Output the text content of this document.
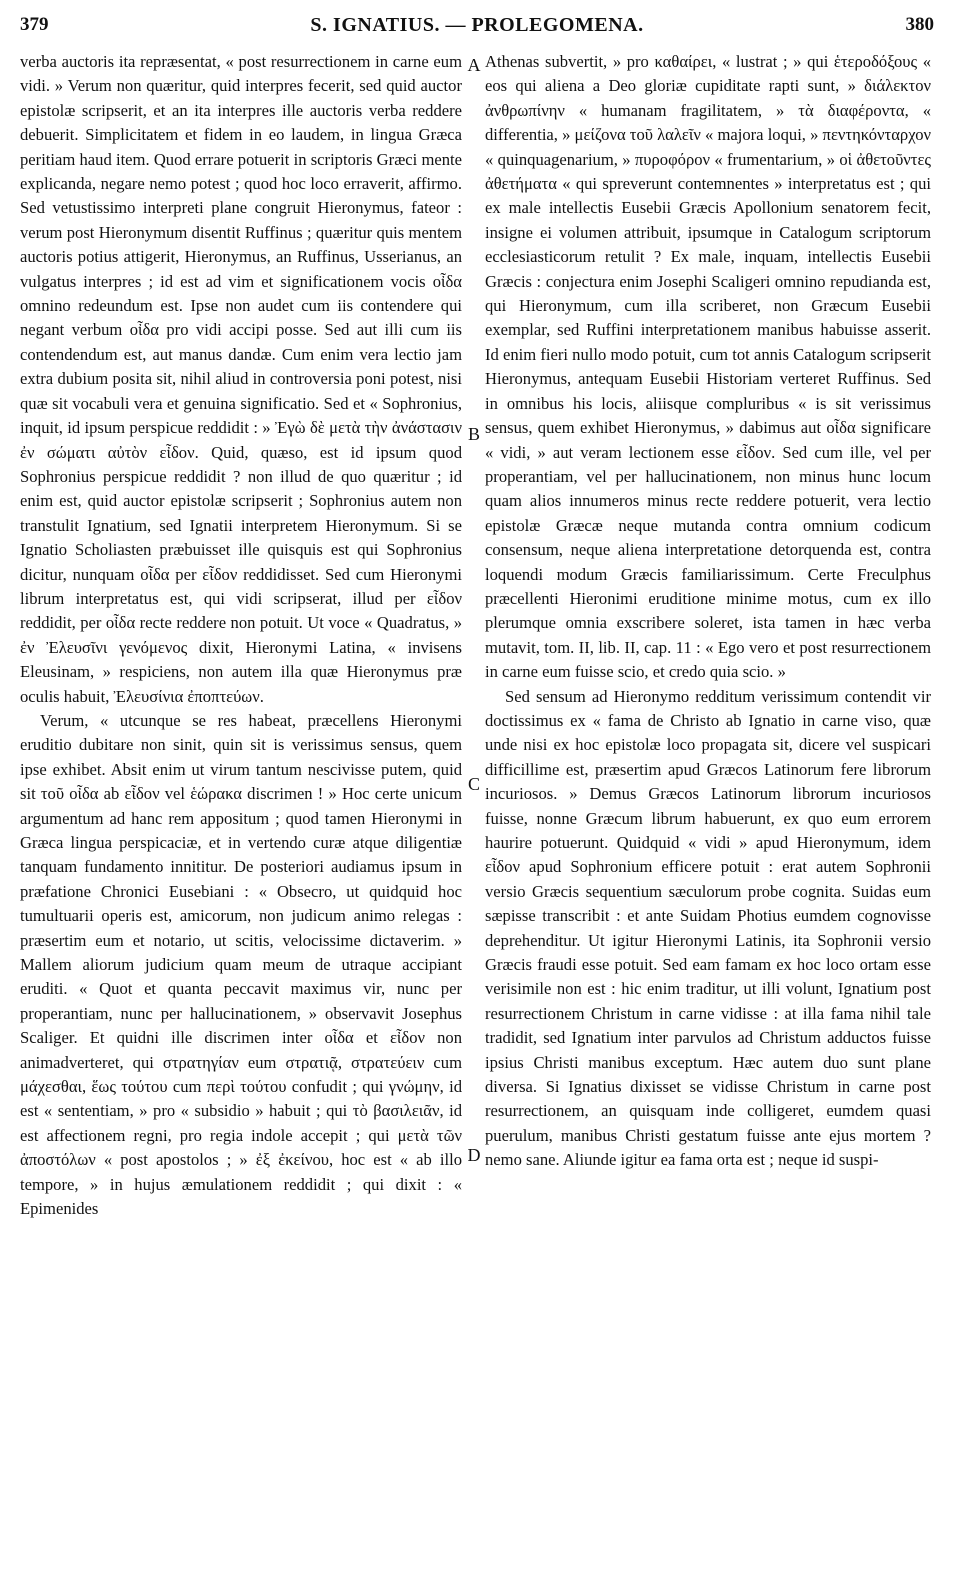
379	S. IGNATIUS. — PROLEGOMENA.	380

verba auctoris ita repræsentat, « post resurrectionem in carne eum vidi. » Verum non quæritur, quid interpres fecerit, sed quid auctor epistolæ scripserit, et an ita interpres ille auctoris verba reddere debuerit. Simplicitatem et fidem in eo laudem, in lingua Græca peritiam haud item. Quod errare potuerit in scriptoris Græci mente explicanda, negare nemo potest ; quod hoc loco erraverit, affirmo. Sed vetustissimo interpreti plane congruit Hieronymus, fateor : verum post Hieronymum disentit Ruffinus ; quæritur quis mentem auctoris potius attigerit, Hieronymus, an Ruffinus, Usserianus, an vulgatus interpres ; id est ad vim et significationem vocis οἶδα omnino redeundum est. Ipse non audet cum iis contendere qui negant verbum οἶδα pro vidi accipi posse. Sed aut illi cum iis contendendum est, aut manus dandæ. Cum enim vera lectio jam extra dubium posita sit, nihil aliud in controversia poni potest, nisi quæ sit vocabuli vera et genuina significatio. Sed et « Sophronius, inquit, id ipsum perspicue reddidit : » Ἐγὼ δὲ μετὰ τὴν ἀνάστασιν ἐν σώματι αὐτὸν εἶδον. Quid, quæso, est id ipsum quod Sophronius perspicue reddidit ? non illud de quo quæritur ; id enim est, quid auctor epistolæ scripserit ; Sophronius autem non transtulit Ignatium, sed Ignatii interpretem Hieronymum. Si se Ignatio Scholiasten præbuisset ille quisquis est qui Sophronius dicitur, nunquam οἶδα per εἶδον reddidisset. Sed cum Hieronymi librum interpretatus est, qui vidi scripserat, illud per εἶδον reddidit, per οἶδα recte reddere non potuit. Ut voce « Quadratus, » ἐν Ἐλευσῖνι γενόμενος dixit, Hieronymi Latina, « invisens Eleusinam, » respiciens, non autem illa quæ Hieronymus præ oculis habuit, Ἐλευσίνια ἐποπτεύων.

Verum, « utcunque se res habeat, præcellens Hieronymi eruditio dubitare non sinit, quin sit is verissimus sensus, quem ipse exhibet. Absit enim ut virum tantum nescivisse putem, quid sit τοῦ οἶδα ab εἶδον vel ἑώρακα discrimen ! » Hoc certe unicum argumentum ad hanc rem appositum ; quod tamen Hieronymi in Græca lingua perspicaciæ, et in vertendo curæ atque diligentiæ tanquam fundamento innititur. De posteriori audiamus ipsum in præfatione Chronici Eusebiani : « Obsecro, ut quidquid hoc tumultuarii operis est, amicorum, non judicum animo relegas : præsertim eum et notario, ut scitis, velocissime dictaverim. » Mallem aliorum judicium quam meum de utraque accipiant eruditi. « Quot et quanta peccavit maximus vir, nunc per properantiam, nunc per hallucinationem, » observavit Josephus Scaliger. Et quidni ille discrimen inter οἶδα et εἶδον non animadverteret, qui στρατηγίαν eum στρατιᾷ, στρατεύειν cum μάχεσθαι, ἕως τούτου cum περὶ τούτου confudit ; qui γνώμην, id est « sententiam, » pro « subsidio » habuit ; qui τὸ βασιλειᾶν, id est affectionem regni, pro regia indole accepit ; qui μετὰ τῶν ἀποστόλων « post apostolos ; » ἐξ ἐκείνου, hoc est « ab illo tempore, » in hujus æmulationem reddidit ; qui dixit : « Epimenides

A
B
C
D

Athenas subvertit, » pro καθαίρει, « lustrat ; » qui ἑτεροδόξους « eos qui aliena a Deo gloriæ cupiditate rapti sunt, » διάλεκτον ἀνθρωπίνην « humanam fragilitatem, » τὰ διαφέροντα, « differentia, » μείζονα τοῦ λαλεῖν « majora loqui, » πεντηκόνταρχον « quinquagenarium, » πυροφόρον « frumentarium, » οἱ ἀθετοῦντες ἀθετήματα « qui spreverunt contemnentes » interpretatus est ; qui ex male intellectis Eusebii Græcis Apollonium senatorem fecit, insigne ei volumen attribuit, ipsumque in Catalogum scriptorum ecclesiasticorum retulit ? Ex male, inquam, intellectis Eusebii Græcis : conjectura enim Josephi Scaligeri omnino repudianda est, qui Hieronymum, cum illa scriberet, non Græcum Eusebii exemplar, sed Ruffini interpretationem manibus habuisse asserit. Id enim fieri nullo modo potuit, cum tot annis Catalogum scripserit Hieronymus, antequam Eusebii Historiam verteret Ruffinus. Sed in omnibus his locis, aliisque compluribus « is sit verissimus sensus, quem exhibet Hieronymus, » dabimus aut οἶδα significare « vidi, » aut veram lectionem esse εἶδον. Sed cum ille, vel per properantiam, vel per hallucinationem, non minus hunc locum quam alios innumeros minus recte reddere potuerit, vera lectio epistolæ Græcæ neque mutanda contra omnium codicum consensum, neque aliena interpretatione detorquenda est, contra loquendi modum Græcis familiarissimum. Certe Freculphus præcellenti Hieronimi eruditione minime motus, cum ex illo plerumque omnia exscribere soleret, ista tamen in hæc verba mutavit, tom. II, lib. II, cap. 11 : « Ego vero et post resurrectionem in carne eum fuisse scio, et credo quia scio. »

Sed sensum ad Hieronymo redditum verissimum contendit vir doctissimus ex « fama de Christo ab Ignatio in carne viso, quæ unde nisi ex hoc epistolæ loco propagata sit, dicere vel suspicari difficillime est, præsertim apud Græcos Latinorum fere librorum incuriosos. » Demus Græcos Latinorum librorum incuriosos fuisse, nonne Græcum librum habuerunt, ex quo eum errorem haurire potuerunt. Quidquid « vidi » apud Hieronymum, idem εἶδον apud Sophronium efficere potuit : erat autem Sophronii versio Græcis sequentium sæculorum probe cognita. Suidas eum sæpisse transcribit : et ante Suidam Photius eumdem cognovisse deprehenditur. Ut igitur Hieronymi Latinis, ita Sophronii versio Græcis fraudi esse potuit. Sed eam famam ex hoc loco ortam esse verisimile non est : hic enim traditur, ut illi volunt, Ignatium post resurrectionem Christum in carne vidisse : at illa fama nihil tale tradidit, sed Ignatium inter parvulos ad Christum adductos fuisse ipsius Christi manibus exceptum. Hæc autem duo sunt plane diversa. Si Ignatius dixisset se vidisse Christum in carne post resurrectionem, an quisquam inde colligeret, eumdem quasi puerulum, manibus Christi gestatum fuisse ante ejus mortem ? nemo sane. Aliunde igitur ea fama orta est ; neque id suspi-
